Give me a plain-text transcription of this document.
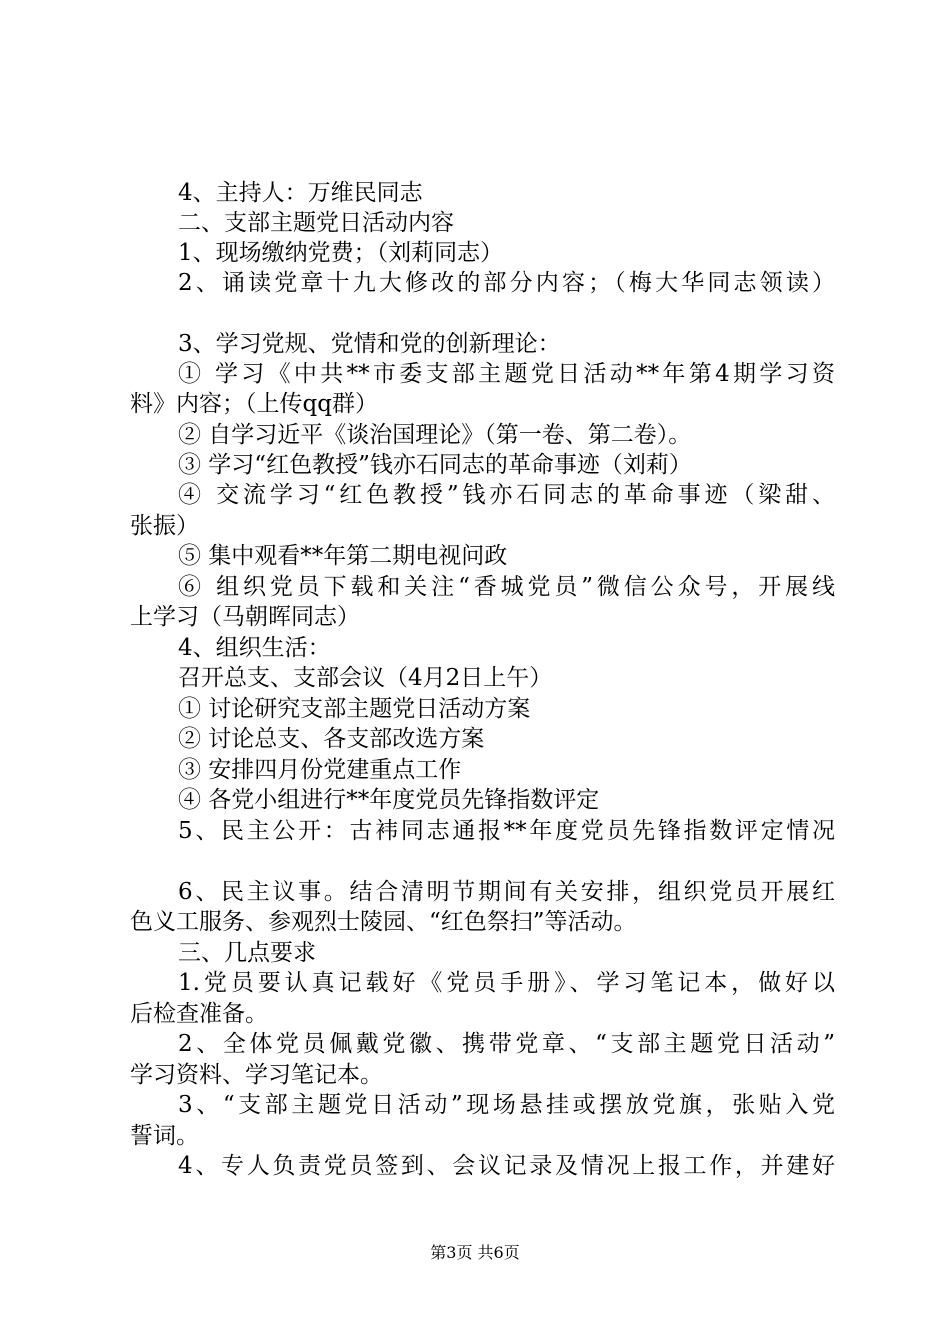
4、主持人：万维民同志
二、支部主题党日活动内容
1、现场缴纳党费；（刘莉同志）
2、诵读党章十九大修改的部分内容；（梅大华同志领读）
3、学习党规、党情和党的创新理论：
① 学习《中共**市委支部主题党日活动**年第4期学习资
料》内容；（上传qq群）
② 自学习近平《谈治国理论》（第一卷、第二卷）。
③ 学习“红色教授”钱亦石同志的革命事迹（刘莉）
④ 交流学习“红色教授”钱亦石同志的革命事迹（梁甜、
张振）
⑤ 集中观看**年第二期电视问政
⑥ 组织党员下载和关注“香城党员”微信公众号，开展线
上学习（马朝晖同志）
4、组织生活：
召开总支、支部会议（4月2日上午）
① 讨论研究支部主题党日活动方案
② 讨论总支、各支部改选方案
③ 安排四月份党建重点工作
④ 各党小组进行**年度党员先锋指数评定
5、民主公开：古袆同志通报**年度党员先锋指数评定情况
6、民主议事。结合清明节期间有关安排，组织党员开展红
色义工服务、参观烈士陵园、“红色祭扫”等活动。
三、几点要求
1.党员要认真记载好《党员手册》、学习笔记本，做好以
后检查准备。
2、全体党员佩戴党徽、携带党章、“支部主题党日活动”
学习资料、学习笔记本。
3、“支部主题党日活动”现场悬挂或摆放党旗，张贴入党
誓词。
4、专人负责党员签到、会议记录及情况上报工作，并建好
第3页 共6页
